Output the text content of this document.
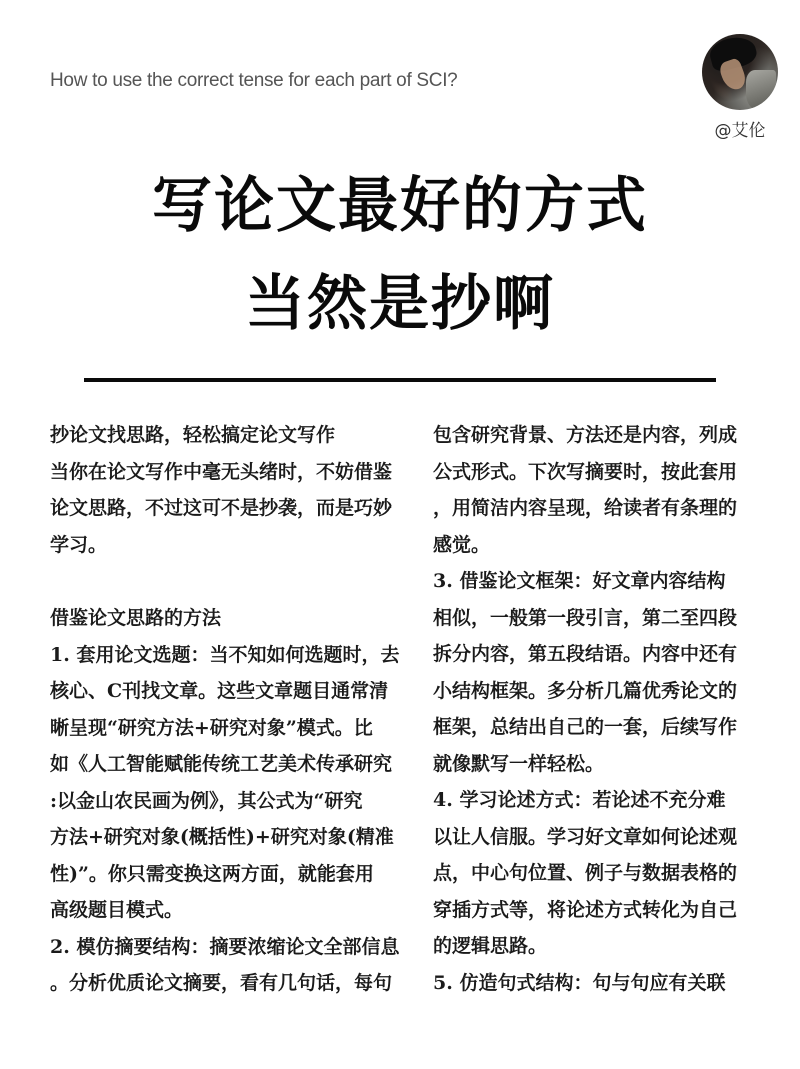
How to use the correct tense for each part of SCI?
@艾伦
写论文最好的方式
当然是抄啊
抄论文找思路，轻松搞定论文写作
当你在论文写作中毫无头绪时，不妨借鉴
论文思路，不过这可不是抄袭，而是巧妙
学习。
借鉴论文思路的方法
1. 套用论文选题：当不知如何选题时，去
核心、C刊找文章。这些文章题目通常清
晰呈现“研究方法+研究对象”模式。比
如《人工智能赋能传统工艺美术传承研究
:以金山农民画为例》，其公式为“研究
方法+研究对象(概括性)+研究对象(精准
性)”。你只需变换这两方面，就能套用
高级题目模式。
2. 模仿摘要结构：摘要浓缩论文全部信息
。分析优质论文摘要，看有几句话，每句
包含研究背景、方法还是内容，列成
公式形式。下次写摘要时，按此套用
，用简洁内容呈现，给读者有条理的
感觉。
3. 借鉴论文框架：好文章内容结构
相似，一般第一段引言，第二至四段
拆分内容，第五段结语。内容中还有
小结构框架。多分析几篇优秀论文的
框架，总结出自己的一套，后续写作
就像默写一样轻松。
4. 学习论述方式：若论述不充分难
以让人信服。学习好文章如何论述观
点，中心句位置、例子与数据表格的
穿插方式等，将论述方式转化为自己
的逻辑思路。
5. 仿造句式结构：句与句应有关联
